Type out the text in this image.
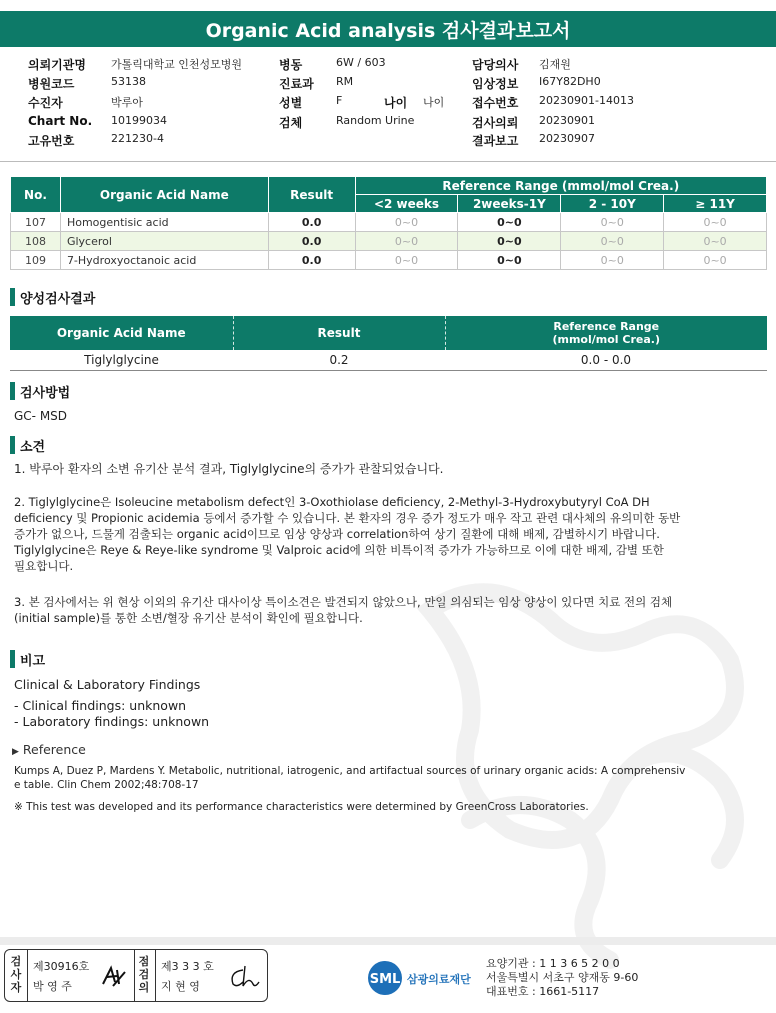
Organic Acid analysis 검사결과보고서
의뢰기관명 가톨릭대학교 인천성모병원	병동	6W / 603	담당의사 김재원
병원코드	53138	진료과 RM	임상정보 I67Y82DH0
수진자	박루아	성별	F	나이 나이 접수번호 20230901-14013
Chart No. 10199034	검체	Random Urine	검사의뢰 20230901
고유번호	221230-4	결과보고 20230907
No.	Organic Acid Name	Result	Reference Range (mmol/mol Crea.)			
			<2 weeks	2weeks-1Y	2 - 10Y	≥ 11Y
107	Homogentisic acid	0.0	0~0	0~0	0~0	0~0
108	Glycerol	0.0	0~0	0~0	0~0	0~0
109	7-Hydroxyoctanoic acid	0.0	0~0	0~0	0~0	0~0
양성검사결과
Organic Acid Name	Result	Reference Range
(mmol/mol Crea.)

Tiglylglycine	0.2	0.0 - 0.0
검사방법
GC- MSD
소견
1. 박루아 환자의 소변 유기산 분석 결과, Tiglylglycine의 증가가 관찰되었습니다.
2. Tiglylglycine은 Isoleucine metabolism defect인 3-Oxothiolase deficiency, 2-Methyl-3-Hydroxybutyryl CoA DH
deficiency 및 Propionic acidemia 등에서 증가할 수 있습니다. 본 환자의 경우 증가 정도가 매우 작고 관련 대사체의 유의미한 동반
증가가 없으나, 드물게 검출되는 organic acid이므로 임상 양상과 correlation하여 상기 질환에 대해 배제, 감별하시기 바랍니다.
Tiglylglycine은 Reye & Reye-like syndrome 및 Valproic acid에 의한 비특이적 증가가 가능하므로 이에 대한 배제, 감별 또한
필요합니다.
3. 본 검사에서는 위 현상 이외의 유기산 대사이상 특이소견은 발견되지 않았으나, 만일 의심되는 임상 양상이 있다면 치료 전의 검체
(initial sample)를 통한 소변/혈장 유기산 분석이 확인에 필요합니다.
비고
Clinical & Laboratory Findings
- Clinical findings: unknown
- Laboratory findings: unknown
▶ Reference
Kumps A, Duez P, Mardens Y. Metabolic, nutritional, iatrogenic, and artifactual sources of urinary organic acids: A comprehensiv
e table. Clin Chem 2002;48:708-17
※ This test was developed and its performance characteristics were determined by GreenCross Laboratories.
검
사
자
제30916호
박 영 주
점
검
의
제3 3 3 호
지 현 영	SML 삼광의료재단
요양기관 : 1 1 3 6 5 2 0 0
서울특별시 서초구 양재동 9-60
대표번호 : 1661-5117
